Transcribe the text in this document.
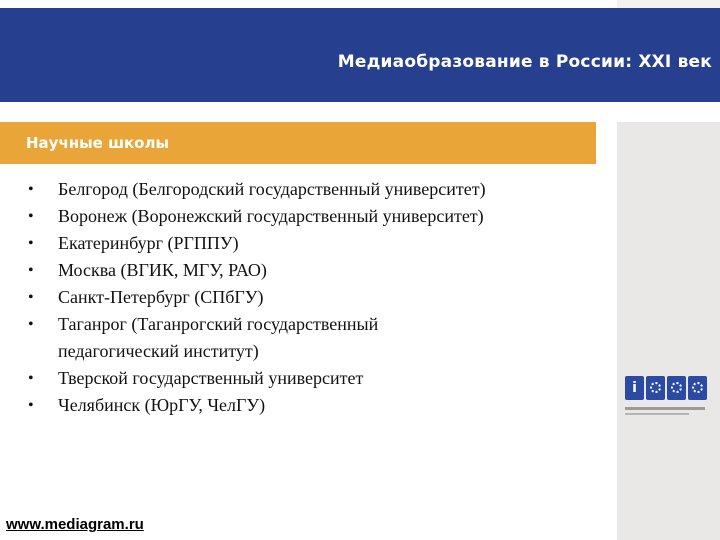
Медиаобразование в России: XXI век
Научные школы
• Белгород (Белгородский государственный университет)
• Воронеж (Воронежский государственный университет)
• Екатеринбург (РГППУ)
• Москва (ВГИК, МГУ, РАО)
• Санкт-Петербург (СПбГУ)
• Таганрог (Таганрогский государственный
педагогический институт)
• Тверской государственный университет
• Челябинск (ЮрГУ, ЧелГУ)
i
www.mediagram.ru
